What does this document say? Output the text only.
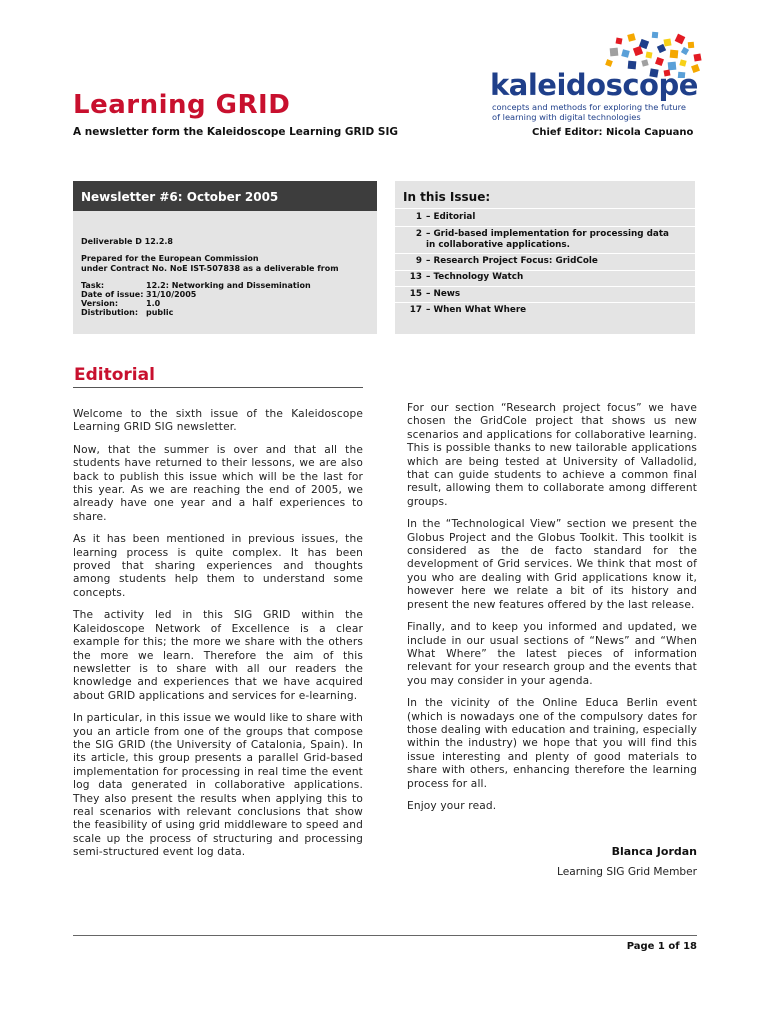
Learning GRID
A newsletter form the Kaleidoscope Learning GRID SIG	Chief Editor: Nicola Capuano
kaleidoscope
concepts and methods for exploring the future
of learning with digital technologies
Newsletter #6: October 2005
Deliverable D 12.2.8
Prepared for the European Commission
under Contract No. NoE IST-507838 as a deliverable from
Task:	12.2: Networking and Dissemination
Date of issue: 31/10/2005
Version:	1.0
Distribution: public
In this Issue:
1 – Editorial
2 – Grid-based implementation for processing data in collaborative applications.
9 – Research Project Focus: GridCole
13 – Technology Watch
15 – News
17 – When What Where
Editorial

Welcome to the sixth issue of the Kaleidoscope Learning GRID SIG newsletter.

Now, that the summer is over and that all the students have returned to their lessons, we are also back to publish this issue which will be the last for this year. As we are reaching the end of 2005, we already have one year and a half experiences to share.

As it has been mentioned in previous issues, the learning process is quite complex. It has been proved that sharing experiences and thoughts among students help them to understand some concepts.

The activity led in this SIG GRID within the Kaleidoscope Network of Excellence is a clear example for this; the more we share with the others the more we learn. Therefore the aim of this newsletter is to share with all our readers the knowledge and experiences that we have acquired about GRID applications and services for e-learning.

In particular, in this issue we would like to share with you an article from one of the groups that compose the SIG GRID (the University of Catalonia, Spain). In its article, this group presents a parallel Grid-based implementation for processing in real time the event log data generated in collaborative applications. They also present the results when applying this to real scenarios with relevant conclusions that show the feasibility of using grid middleware to speed and scale up the process of structuring and processing semi-structured event log data.

For our section “Research project focus” we have chosen the GridCole project that shows us new scenarios and applications for collaborative learning. This is possible thanks to new tailorable applications which are being tested at University of Valladolid, that can guide students to achieve a common final result, allowing them to collaborate among different groups.

In the “Technological View” section we present the Globus Project and the Globus Toolkit. This toolkit is considered as the de facto standard for the development of Grid services. We think that most of you who are dealing with Grid applications know it, however here we relate a bit of its history and present the new features offered by the last release.

Finally, and to keep you informed and updated, we include in our usual sections of “News” and “When What Where” the latest pieces of information relevant for your research group and the events that you may consider in your agenda.

In the vicinity of the Online Educa Berlin event (which is nowadays one of the compulsory dates for those dealing with education and training, especially within the industry) we hope that you will find this issue interesting and plenty of good materials to share with others, enhancing therefore the learning process for all.

Enjoy your read.

Blanca Jordan
Learning SIG Grid Member
Page 1 of 18
